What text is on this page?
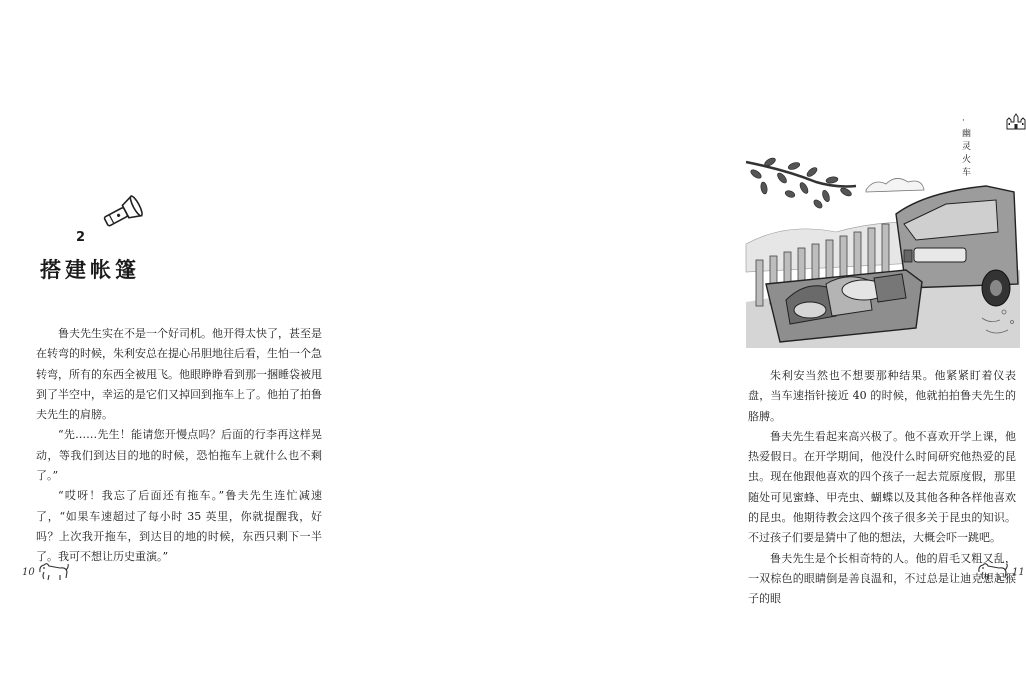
2
搭建帐篷

鲁夫先生实在不是一个好司机。他开得太快了，甚至是在转弯的时候，朱利安总在提心吊胆地往后看，生怕一个急转弯，所有的东西全被甩飞。他眼睁睁看到那一捆睡袋被甩到了半空中，幸运的是它们又掉回到拖车上了。他拍了拍鲁夫先生的肩膀。

“先……先生！能请您开慢点吗？后面的行李再这样晃动，等我们到达目的地的时候，恐怕拖车上就什么也不剩了。”

“哎呀！我忘了后面还有拖车。”鲁夫先生连忙减速了，“如果车速超过了每小时 35 英里，你就提醒我，好吗？上次我开拖车，到达目的地的时候，东西只剩下一半了。我可不想让历史重演。”

10
·幽灵火车

朱利安当然也不想要那种结果。他紧紧盯着仪表盘，当车速指针接近 40 的时候，他就拍拍鲁夫先生的胳膊。

鲁夫先生看起来高兴极了。他不喜欢开学上课，他热爱假日。在开学期间，他没什么时间研究他热爱的昆虫。现在他跟他喜欢的四个孩子一起去荒原度假，那里随处可见蜜蜂、甲壳虫、蝴蝶以及其他各种各样他喜欢的昆虫。他期待教会这四个孩子很多关于昆虫的知识。不过孩子们要是猜中了他的想法，大概会吓一跳吧。

鲁夫先生是个长相奇特的人。他的眉毛又粗又乱，一双棕色的眼睛倒是善良温和，不过总是让迪克想起猴子的眼

11
